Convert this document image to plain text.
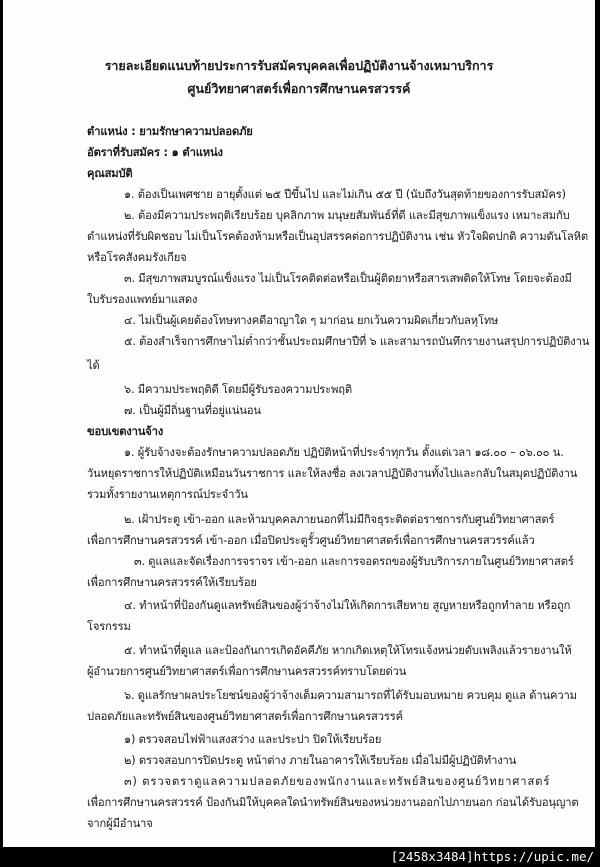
รายละเอียดแนบท้ายประการรับสมัครบุคคลเพื่อปฏิบัติงานจ้างเหมาบริการ
ศูนย์วิทยาศาสตร์เพื่อการศึกษานครสวรรค์
ตำแหน่ง : ยามรักษาความปลอดภัย
อัตราที่รับสมัคร : ๑ ตำแหน่ง
คุณสมบัติ
๑. ต้องเป็นเพศชาย อายุตั้งแต่ ๒๕ ปีขึ้นไป และไม่เกิน ๕๕ ปี (นับถึงวันสุดท้ายของการรับสมัคร)
๒. ต้องมีความประพฤติเรียบร้อย บุคลิกภาพ มนุษยสัมพันธ์ที่ดี และมีสุขภาพแข็งแรง เหมาะสมกับ
ตำแหน่งที่รับผิดชอบ ไม่เป็นโรคต้องห้ามหรือเป็นอุปสรรคต่อการปฏิบัติงาน เช่น หัวใจผิดปกติ ความดันโลหิต
หรือโรคสังคมรังเกียจ
๓. มีสุขภาพสมบูรณ์แข็งแรง ไม่เป็นโรคติดต่อหรือเป็นผู้ติดยาหรือสารเสพติดให้โทษ โดยจะต้องมี
ใบรับรองแพทย์มาแสดง
๔. ไม่เป็นผู้เคยต้องโทษทางคดีอาญาใด ๆ มาก่อน ยกเว้นความผิดเกี่ยวกับลหุโทษ
๕. ต้องสำเร็จการศึกษาไม่ต่ำกว่าชั้นประถมศึกษาปีที่ ๖ และสามารถบันทึกรายงานสรุปการปฏิบัติงาน
ได้
๖. มีความประพฤติดี โดยมีผู้รับรองความประพฤติ
๗. เป็นผู้มีถิ่นฐานที่อยู่แน่นอน
ขอบเขตงานจ้าง
๑. ผู้รับจ้างจะต้องรักษาความปลอดภัย ปฏิบัติหน้าที่ประจำทุกวัน ตั้งแต่เวลา ๑๘.๐๐ – ๐๖.๐๐ น.
วันหยุดราชการให้ปฏิบัติเหมือนวันราชการ และให้ลงชื่อ ลงเวลาปฏิบัติงานทั้งไปและกลับในสมุดปฏิบัติงาน
รวมทั้งรายงานเหตุการณ์ประจำวัน
๒. เฝ้าประตู เข้า-ออก และห้ามบุคคลภายนอกที่ไม่มีกิจธุระติดต่อราชการกับศูนย์วิทยาศาสตร์
เพื่อการศึกษานครสวรรค์ เข้า-ออก เมื่อปิดประตูรั้วศูนย์วิทยาศาสตร์เพื่อการศึกษานครสวรรค์แล้ว
๓. ดูแลและจัดเรื่องการจราจร เข้า-ออก และการจอดรถของผู้รับบริการภายในศูนย์วิทยาศาสตร์
เพื่อการศึกษานครสวรรค์ให้เรียบร้อย
๔. ทำหน้าที่ป้องกันดูแลทรัพย์สินของผู้ว่าจ้างไม่ให้เกิดการเสียหาย สูญหายหรือถูกทำลาย หรือถูก
โจรกรรม
๕. ทำหน้าที่ดูแล และป้องกันการเกิดอัคคีภัย หากเกิดเหตุให้โทรแจ้งหน่วยดับเพลิงแล้วรายงานให้
ผู้อำนวยการศูนย์วิทยาศาสตร์เพื่อการศึกษานครสวรรค์ทราบโดยด่วน
๖. ดูแลรักษาผลประโยชน์ของผู้ว่าจ้างเต็มความสามารถที่ได้รับมอบหมาย ควบคุม ดูแล ด้านความ
ปลอดภัยและทรัพย์สินของศูนย์วิทยาศาสตร์เพื่อการศึกษานครสวรรค์
๑) ตรวจสอบไฟฟ้าแสงสว่าง และประปา ปิดให้เรียบร้อย
๒) ตรวจสอบการปิดประตู หน้าต่าง ภายในอาคารให้เรียบร้อย เมื่อไม่มีผู้ปฏิบัติทำงาน
๓) ตรวจตราดูแลความปลอดภัยของพนักงานและทรัพย์สินของศูนย์วิทยาศาสตร์
เพื่อการศึกษานครสวรรค์ ป้องกันมิให้บุคคลใดนำทรัพย์สินของหน่วยงานออกไปภายนอก ก่อนได้รับอนุญาต
จากผู้มีอำนาจ
[2458x3484]https://upic.me/
